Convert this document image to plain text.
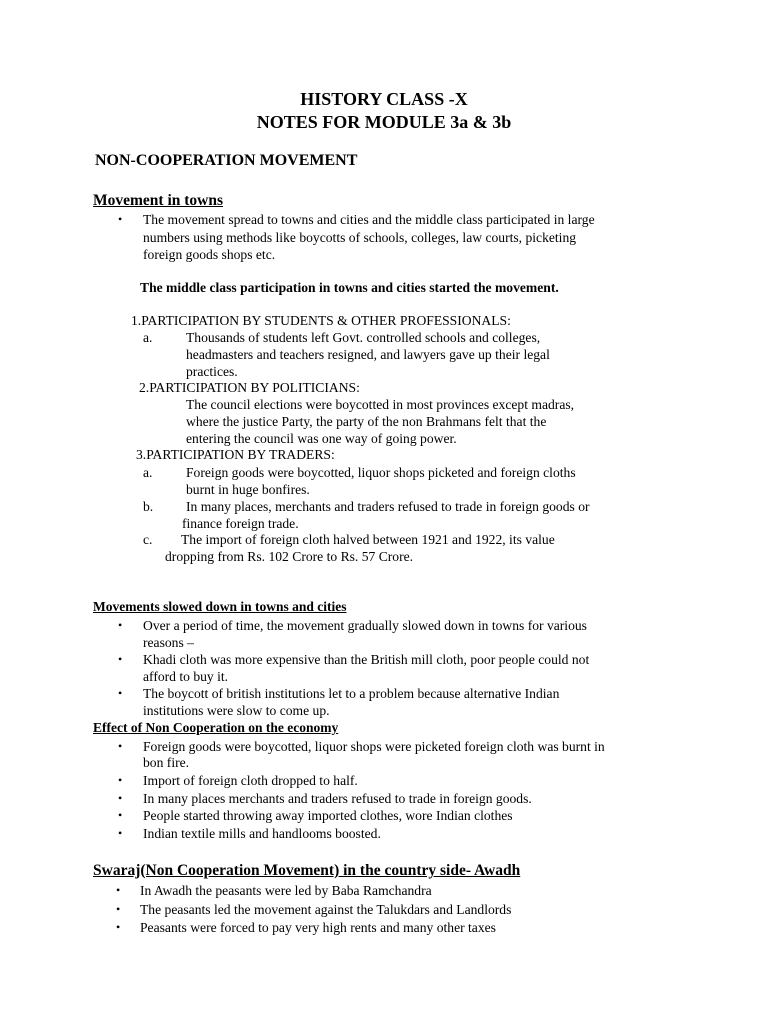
HISTORY CLASS -X
NOTES FOR MODULE 3a & 3b
NON-COOPERATION MOVEMENT
Movement in towns
• The movement spread to towns and cities and the middle class participated in large
numbers using methods like boycotts of schools, colleges, law courts, picketing
foreign goods shops etc.
The middle class participation in towns and cities started the movement.
1.PARTICIPATION BY STUDENTS & OTHER PROFESSIONALS:
a. Thousands of students left Govt. controlled schools and colleges,
headmasters and teachers resigned, and lawyers gave up their legal
practices.
2.PARTICIPATION BY POLITICIANS:
The council elections were boycotted in most provinces except madras,
where the justice Party, the party of the non Brahmans felt that the
entering the council was one way of going power.
3.PARTICIPATION BY TRADERS:
a. Foreign goods were boycotted, liquor shops picketed and foreign cloths
burnt in huge bonfires.
b. In many places, merchants and traders refused to trade in foreign goods or
finance foreign trade.
c. The import of foreign cloth halved between 1921 and 1922, its value
dropping from Rs. 102 Crore to Rs. 57 Crore.
Movements slowed down in towns and cities
• Over a period of time, the movement gradually slowed down in towns for various
reasons –
• Khadi cloth was more expensive than the British mill cloth, poor people could not
afford to buy it.
• The boycott of british institutions let to a problem because alternative Indian
institutions were slow to come up.
Effect of Non Cooperation on the economy
• Foreign goods were boycotted, liquor shops were picketed foreign cloth was burnt in
bon fire.
• Import of foreign cloth dropped to half.
• In many places merchants and traders refused to trade in foreign goods.
• People started throwing away imported clothes, wore Indian clothes
• Indian textile mills and handlooms boosted.
Swaraj(Non Cooperation Movement) in the country side- Awadh
• In Awadh the peasants were led by Baba Ramchandra
• The peasants led the movement against the Talukdars and Landlords
• Peasants were forced to pay very high rents and many other taxes
